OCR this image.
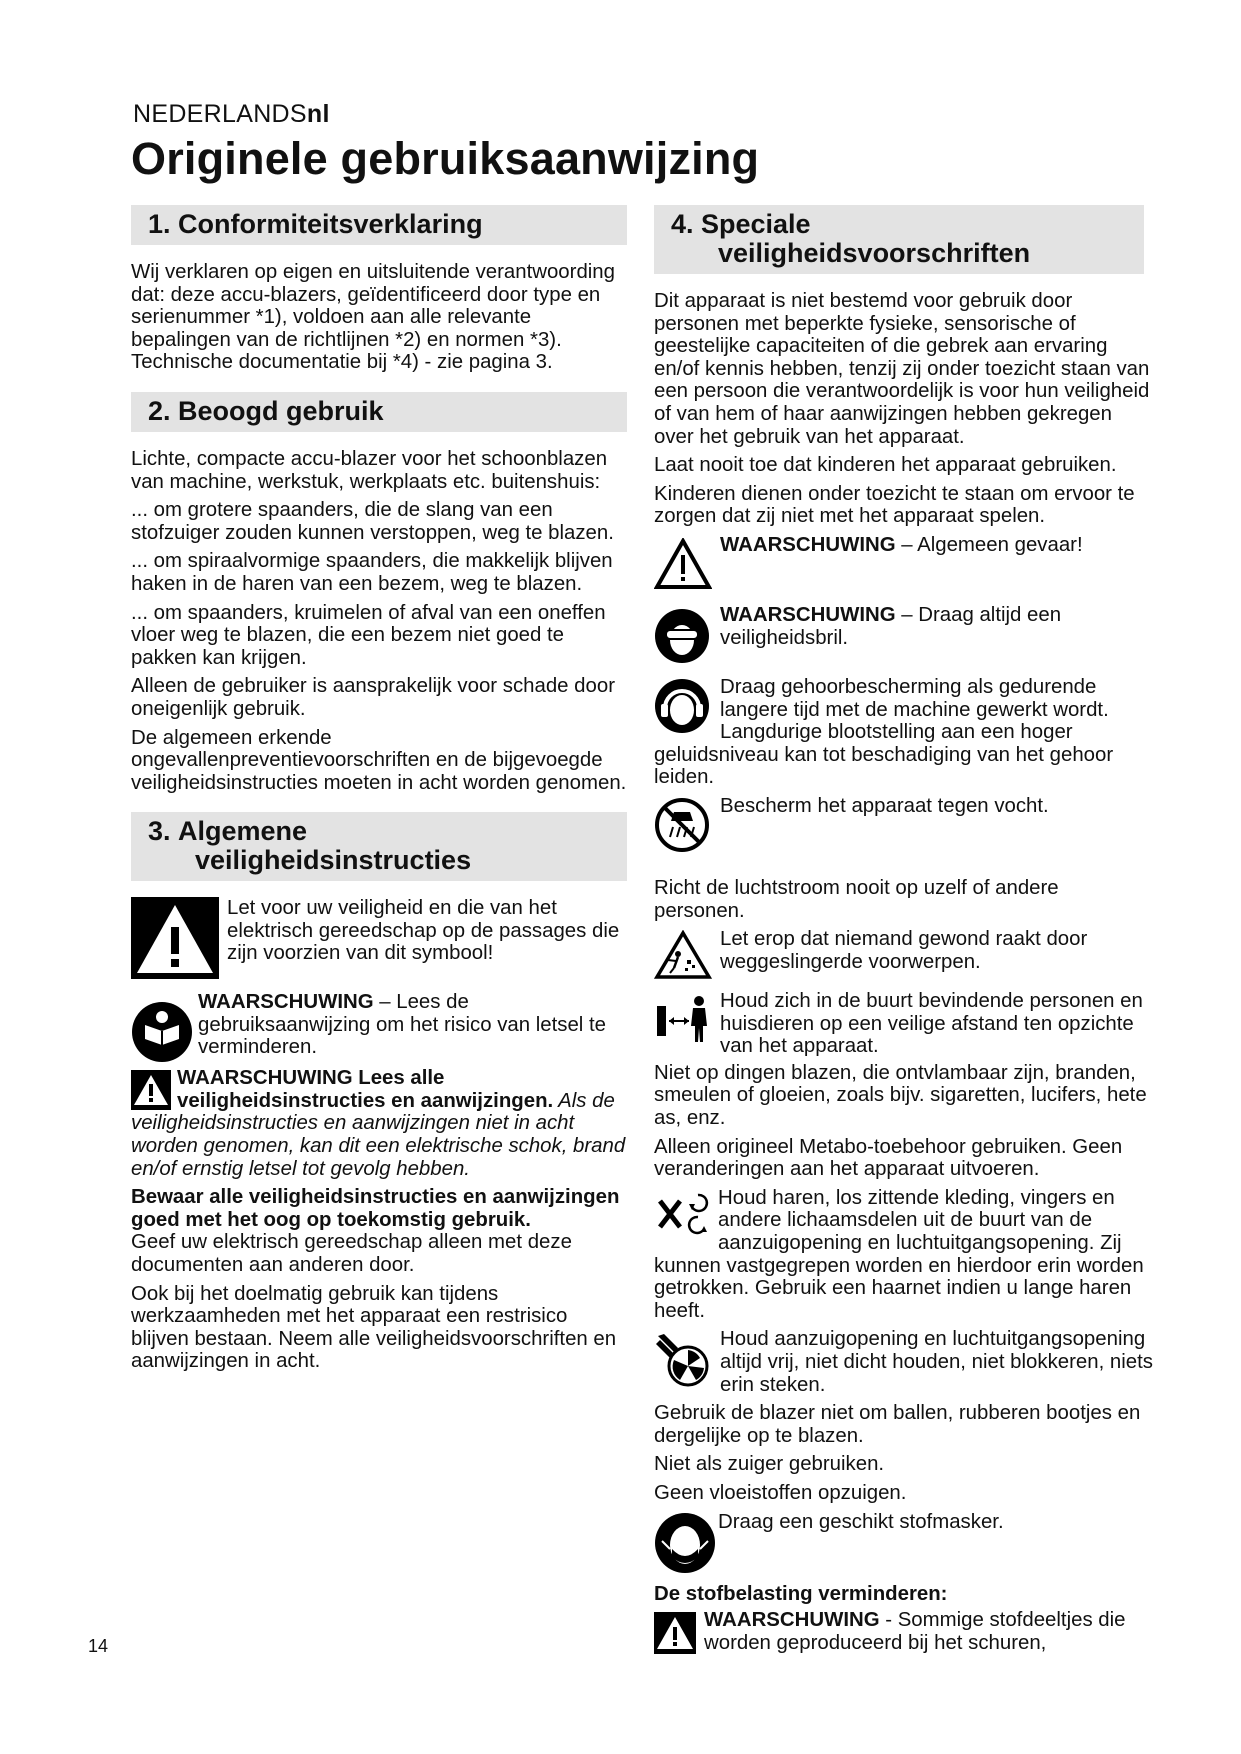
NEDERLANDSnl
Originele gebruiksaanwijzing
1. Conformiteitsverklaring

Wij verklaren op eigen en uitsluitende verantwoording dat: deze accu-blazers, geïdentificeerd door type en serienummer *1), voldoen aan alle relevante bepalingen van de richtlijnen *2) en normen *3). Technische documentatie bij *4) - zie pagina 3.

2. Beoogd gebruik

Lichte, compacte accu-blazer voor het schoonblazen van machine, werkstuk, werkplaats etc. buitenshuis:

... om grotere spaanders, die de slang van een stofzuiger zouden kunnen verstoppen, weg te blazen.

... om spiraalvormige spaanders, die makkelijk blijven haken in de haren van een bezem, weg te blazen.

... om spaanders, kruimelen of afval van een oneffen vloer weg te blazen, die een bezem niet goed te pakken kan krijgen.

Alleen de gebruiker is aansprakelijk voor schade door oneigenlijk gebruik.

De algemeen erkende ongevallenpreventievoorschriften en de bijgevoegde veiligheidsinstructies moeten in acht worden genomen.

3. Algemene
veiligheidsinstructies

Let voor uw veiligheid en die van het elektrisch gereedschap op de passages die zijn voorzien van dit symbool!

WAARSCHUWING – Lees de gebruiksaanwijzing om het risico van letsel te verminderen.

WAARSCHUWING Lees alle veiligheidsinstructies en aanwijzingen. Als de veiligheidsinstructies en aanwijzingen niet in acht worden genomen, kan dit een elektrische schok, brand en/of ernstig letsel tot gevolg hebben.

Bewaar alle veiligheidsinstructies en aanwijzingen goed met het oog op toekomstig gebruik.

Geef uw elektrisch gereedschap alleen met deze documenten aan anderen door.

Ook bij het doelmatig gebruik kan tijdens werkzaamheden met het apparaat een restrisico blijven bestaan. Neem alle veiligheidsvoorschriften en aanwijzingen in acht.

4. Speciale
veiligheidsvoorschriften

Dit apparaat is niet bestemd voor gebruik door personen met beperkte fysieke, sensorische of geestelijke capaciteiten of die gebrek aan ervaring en/of kennis hebben, tenzij zij onder toezicht staan van een persoon die verantwoordelijk is voor hun veiligheid of van hem of haar aanwijzingen hebben gekregen over het gebruik van het apparaat.

Laat nooit toe dat kinderen het apparaat gebruiken.

Kinderen dienen onder toezicht te staan om ervoor te zorgen dat zij niet met het apparaat spelen.

WAARSCHUWING – Algemeen gevaar!

WAARSCHUWING – Draag altijd een veiligheidsbril.

Draag gehoorbescherming als gedurende langere tijd met de machine gewerkt wordt. Langdurige blootstelling aan een hoger geluidsniveau kan tot beschadiging van het gehoor leiden.

Bescherm het apparaat tegen vocht.

Richt de luchtstroom nooit op uzelf of andere personen.

Let erop dat niemand gewond raakt door weggeslingerde voorwerpen.

Houd zich in de buurt bevindende personen en huisdieren op een veilige afstand ten opzichte van het apparaat.

Niet op dingen blazen, die ontvlambaar zijn, branden, smeulen of gloeien, zoals bijv. sigaretten, lucifers, hete as, enz.

Alleen origineel Metabo-toebehoor gebruiken. Geen veranderingen aan het apparaat uitvoeren.

Houd haren, los zittende kleding, vingers en andere lichaamsdelen uit de buurt van de aanzuigopening en luchtuitgangsopening. Zij kunnen vastgegrepen worden en hierdoor erin worden getrokken. Gebruik een haarnet indien u lange haren heeft.

Houd aanzuigopening en luchtuitgangsopening altijd vrij, niet dicht houden, niet blokkeren, niets erin steken.

Gebruik de blazer niet om ballen, rubberen bootjes en dergelijke op te blazen.

Niet als zuiger gebruiken.

Geen vloeistoffen opzuigen.

Draag een geschikt stofmasker.

De stofbelasting verminderen:

WAARSCHUWING - Sommige stofdeeltjes die worden geproduceerd bij het schuren,

14
